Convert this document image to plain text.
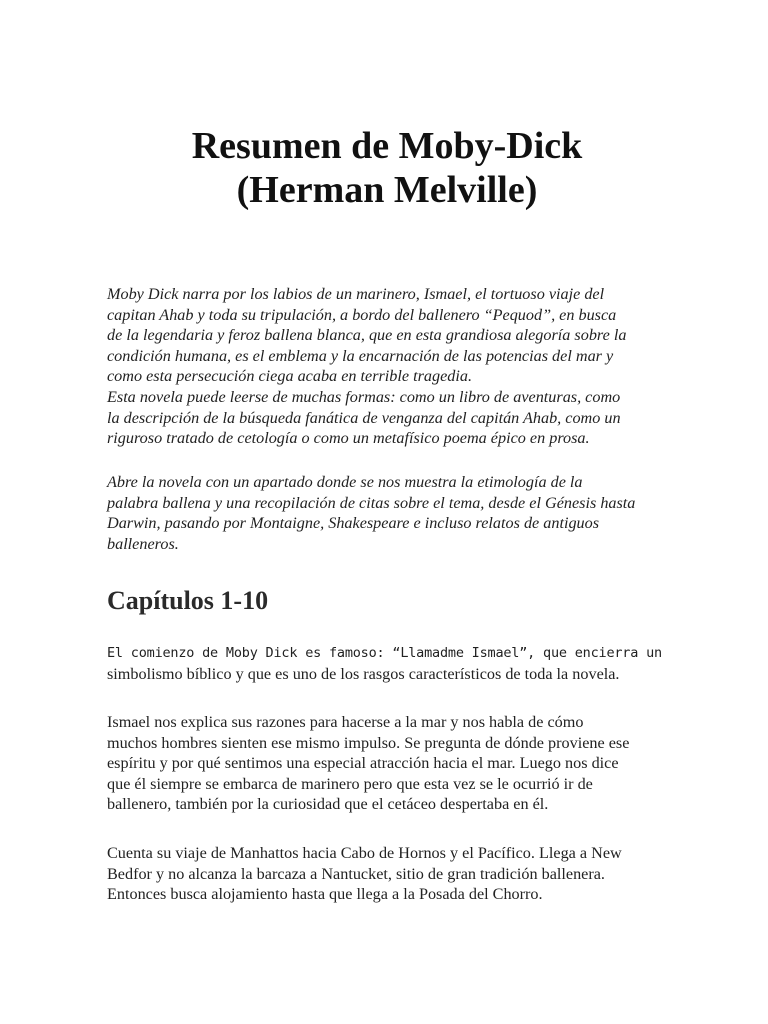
Resumen de Moby-Dick
(Herman Melville)

Moby Dick narra por los labios de un marinero, Ismael, el tortuoso viaje del
capitan Ahab y toda su tripulación, a bordo del ballenero “Pequod”, en busca
de la legendaria y feroz ballena blanca, que en esta grandiosa alegoría sobre la
condición humana, es el emblema y la encarnación de las potencias del mar y
como esta persecución ciega acaba en terrible tragedia.
Esta novela puede leerse de muchas formas: como un libro de aventuras, como
la descripción de la búsqueda fanática de venganza del capitán Ahab, como un
riguroso tratado de cetología o como un metafísico poema épico en prosa.

Abre la novela con un apartado donde se nos muestra la etimología de la
palabra ballena y una recopilación de citas sobre el tema, desde el Génesis hasta
Darwin, pasando por Montaigne, Shakespeare e incluso relatos de antiguos
balleneros.

Capítulos 1-10

El comienzo de Moby Dick es famoso: “Llamadme Ismael”, que encierra un
simbolismo bíblico y que es uno de los rasgos característicos de toda la novela.

Ismael nos explica sus razones para hacerse a la mar y nos habla de cómo
muchos hombres sienten ese mismo impulso. Se pregunta de dónde proviene ese
espíritu y por qué sentimos una especial atracción hacia el mar. Luego nos dice
que él siempre se embarca de marinero pero que esta vez se le ocurrió ir de
ballenero, también por la curiosidad que el cetáceo despertaba en él.

Cuenta su viaje de Manhattos hacia Cabo de Hornos y el Pacífico. Llega a New
Bedfor y no alcanza la barcaza a Nantucket, sitio de gran tradición ballenera.
Entonces busca alojamiento hasta que llega a la Posada del Chorro.
